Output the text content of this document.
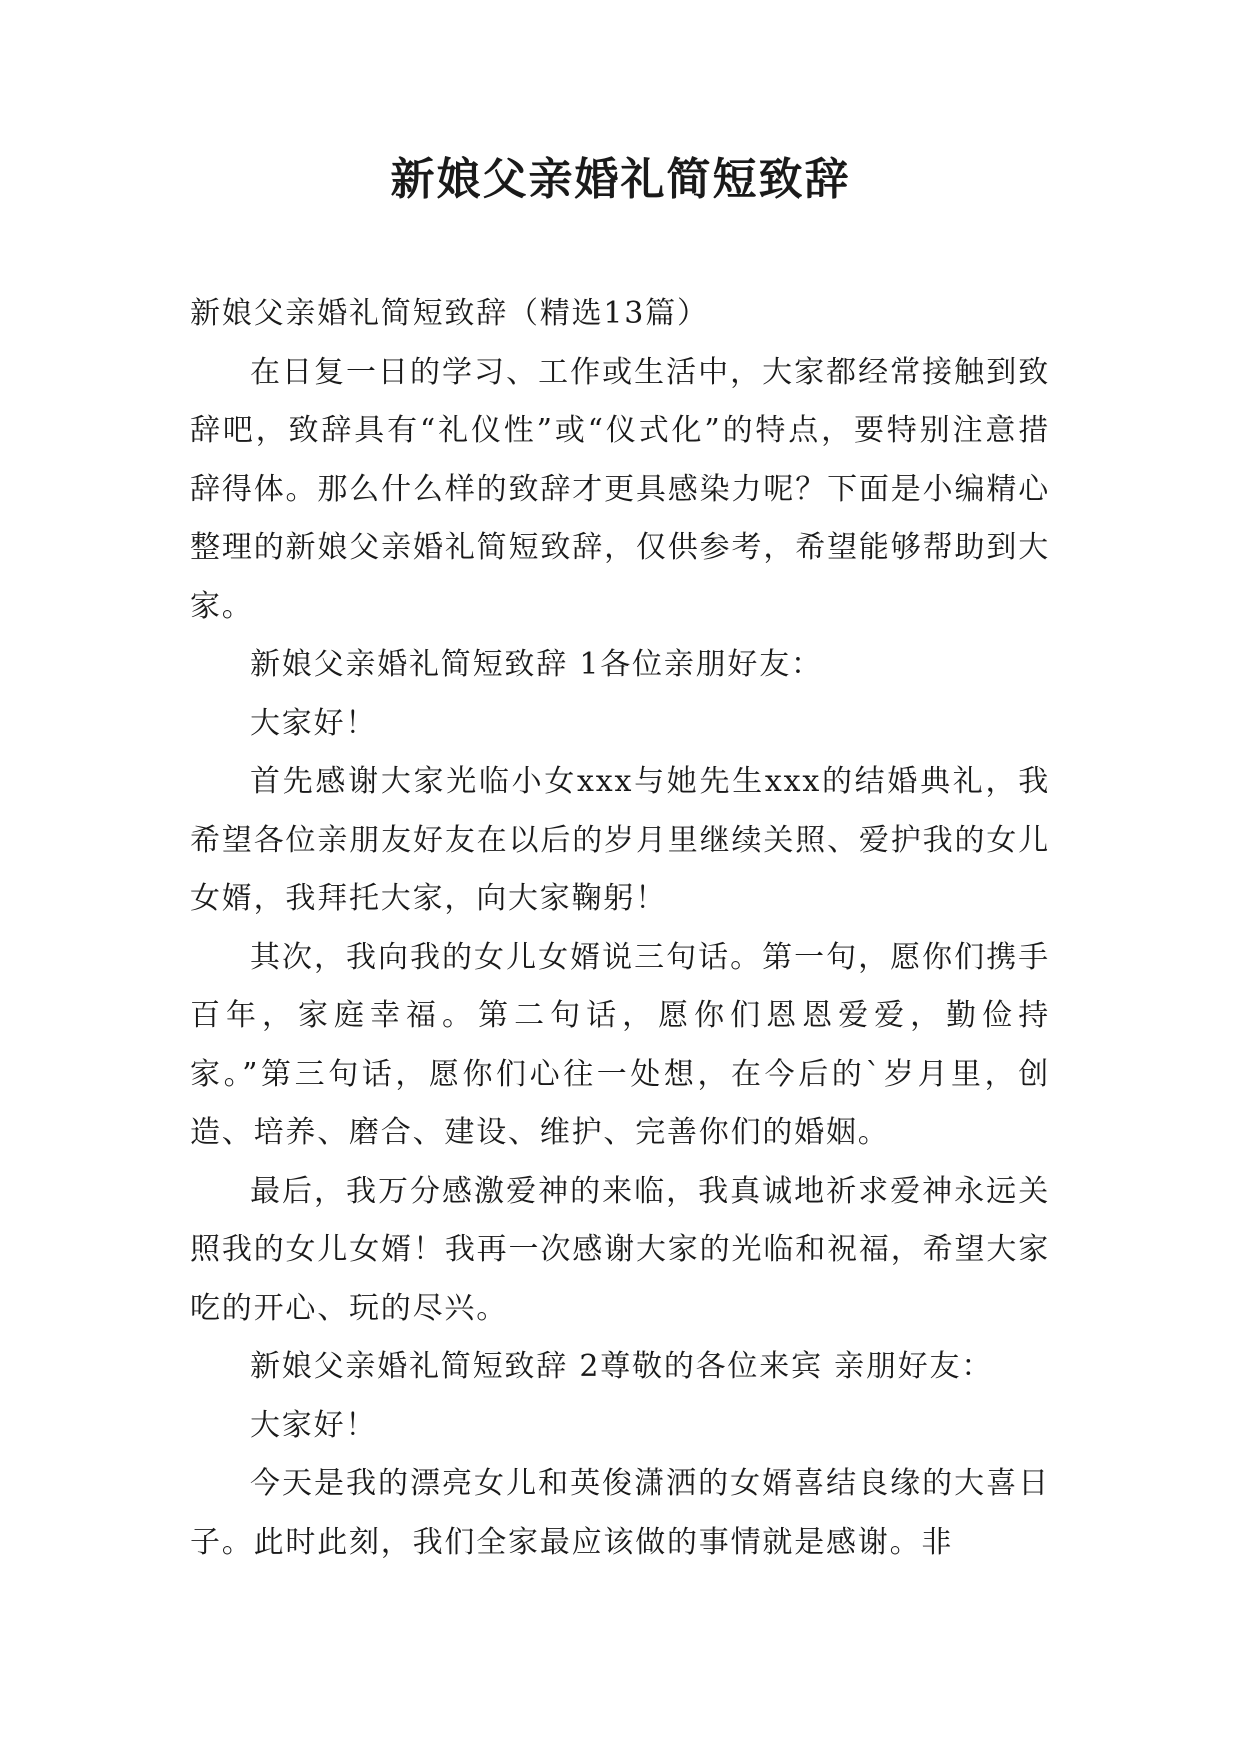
新娘父亲婚礼简短致辞

新娘父亲婚礼简短致辞（精选13篇）

在日复一日的学习、工作或生活中，大家都经常接触到致辞吧，致辞具有“礼仪性”或“仪式化”的特点，要特别注意措辞得体。那么什么样的致辞才更具感染力呢？下面是小编精心整理的新娘父亲婚礼简短致辞，仅供参考，希望能够帮助到大家。

新娘父亲婚礼简短致辞 1各位亲朋好友：

大家好！

首先感谢大家光临小女xxx与她先生xxx的结婚典礼，我希望各位亲朋友好友在以后的岁月里继续关照、爱护我的女儿女婿，我拜托大家，向大家鞠躬！

其次，我向我的女儿女婿说三句话。第一句，愿你们携手百年，家庭幸福。第二句话，愿你们恩恩爱爱，勤俭持家。”第三句话，愿你们心往一处想，在今后的`岁月里，创造、培养、磨合、建设、维护、完善你们的婚姻。

最后，我万分感激爱神的来临，我真诚地祈求爱神永远关照我的女儿女婿！我再一次感谢大家的光临和祝福，希望大家吃的开心、玩的尽兴。

新娘父亲婚礼简短致辞 2尊敬的各位来宾 亲朋好友：

大家好！

今天是我的漂亮女儿和英俊潇洒的女婿喜结良缘的大喜日子。此时此刻，我们全家最应该做的事情就是感谢。非
